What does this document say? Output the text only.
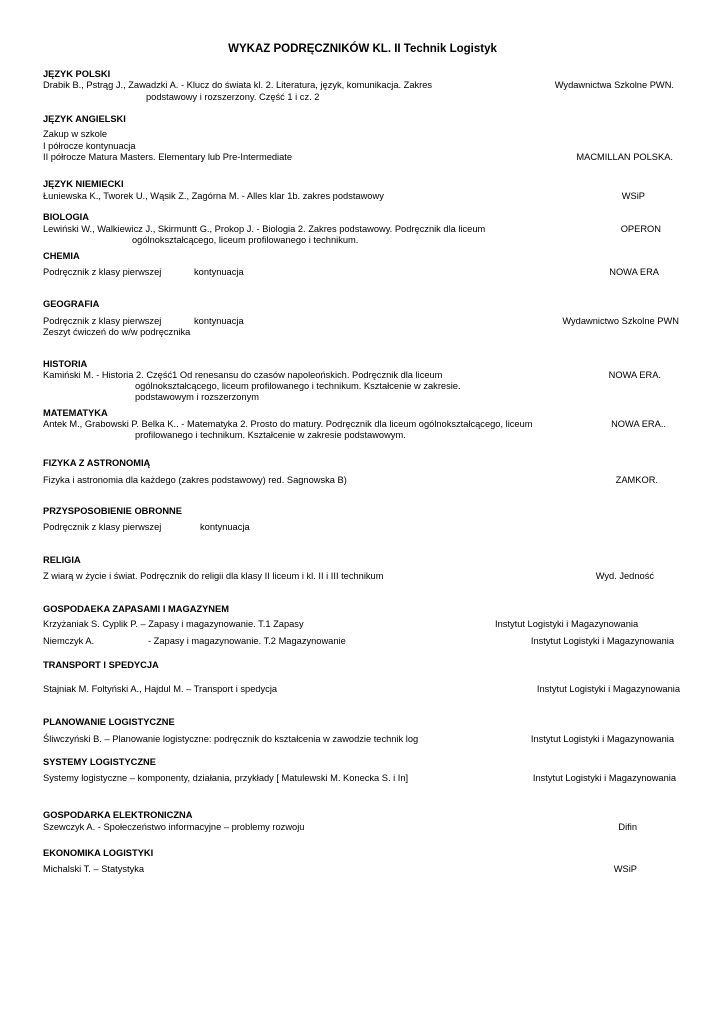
WYKAZ PODRĘCZNIKÓW KL. II Technik Logistyk
JĘZYK POLSKI
Drabik B., Pstrąg J., Zawadzki A. - Klucz do świata kl. 2. Literatura, język, komunikacja. Zakres
podstawowy i rozszerzony. Część 1 i cz. 2
Wydawnictwa Szkolne PWN.
JĘZYK ANGIELSKI
Zakup w szkole
I półrocze kontynuacja
II półrocze Matura Masters. Elementary lub Pre-Intermediate	MACMILLAN POLSKA.
JĘZYK NIEMIECKI
Łuniewska K., Tworek U., Wąsik Z., Zagórna M. - Alles klar 1b. zakres podstawowy	WSiP
BIOLOGIA
Lewiński W., Walkiewicz J., Skirmuntt G., Prokop J. - Biologia 2. Zakres podstawowy. Podręcznik dla liceum
ogólnokształcącego, liceum profilowanego i technikum.
OPERON
CHEMIA
Podręcznik z klasy pierwszej	kontynuacja	NOWA ERA
GEOGRAFIA
Podręcznik z klasy pierwszej	kontynuacja
Zeszyt ćwiczeń do w/w podręcznika
Wydawnictwo Szkolne PWN
HISTORIA
Kamiński M. - Historia 2. Część1 Od renesansu do czasów napoleońskich. Podręcznik dla liceum
ogólnokształcącego, liceum profilowanego i technikum. Kształcenie w zakresie.
podstawowym i rozszerzonym
NOWA ERA.
MATEMATYKA
Antek M., Grabowski P. Belka K.. - Matematyka 2. Prosto do matury. Podręcznik dla liceum ogólnokształcącego, liceum
profilowanego i technikum. Kształcenie w zakresie podstawowym.
NOWA ERA..
FIZYKA Z ASTRONOMIĄ
Fizyka i astronomia dla każdego (zakres podstawowy) red. Sagnowska B)	ZAMKOR.
PRZYSPOSOBIENIE OBRONNE
Podręcznik z klasy pierwszej	kontynuacja
RELIGIA
Z wiarą w życie i świat. Podręcznik do religii dla klasy II liceum i kl. II i III technikum	Wyd. Jedność
GOSPODAEKA ZAPASAMI I MAGAZYNEM
Krzyżaniak S. Cyplik P. – Zapasy i magazynowanie. T.1 Zapasy	Instytut Logistyki i Magazynowania
Niemczyk A.	- Zapasy i magazynowanie. T.2 Magazynowanie	Instytut Logistyki i Magazynowania
TRANSPORT I SPEDYCJA
Stajniak M. Foltyński A., Hajdul M. – Transport i spedycja	Instytut Logistyki i Magazynowania
PLANOWANIE LOGISTYCZNE
Śliwczyński B. – Planowanie logistyczne: podręcznik do kształcenia w zawodzie technik log	Instytut Logistyki i Magazynowania
SYSTEMY LOGISTYCZNE
Systemy logistyczne – komponenty, działania, przykłady [ Matulewski M. Konecka S. i In]	Instytut Logistyki i Magazynowania
GOSPODARKA ELEKTRONICZNA
Szewczyk A. - Społeczeństwo informacyjne – problemy rozwoju	Difin
EKONOMIKA LOGISTYKI
Michalski T. – Statystyka	WSiP
